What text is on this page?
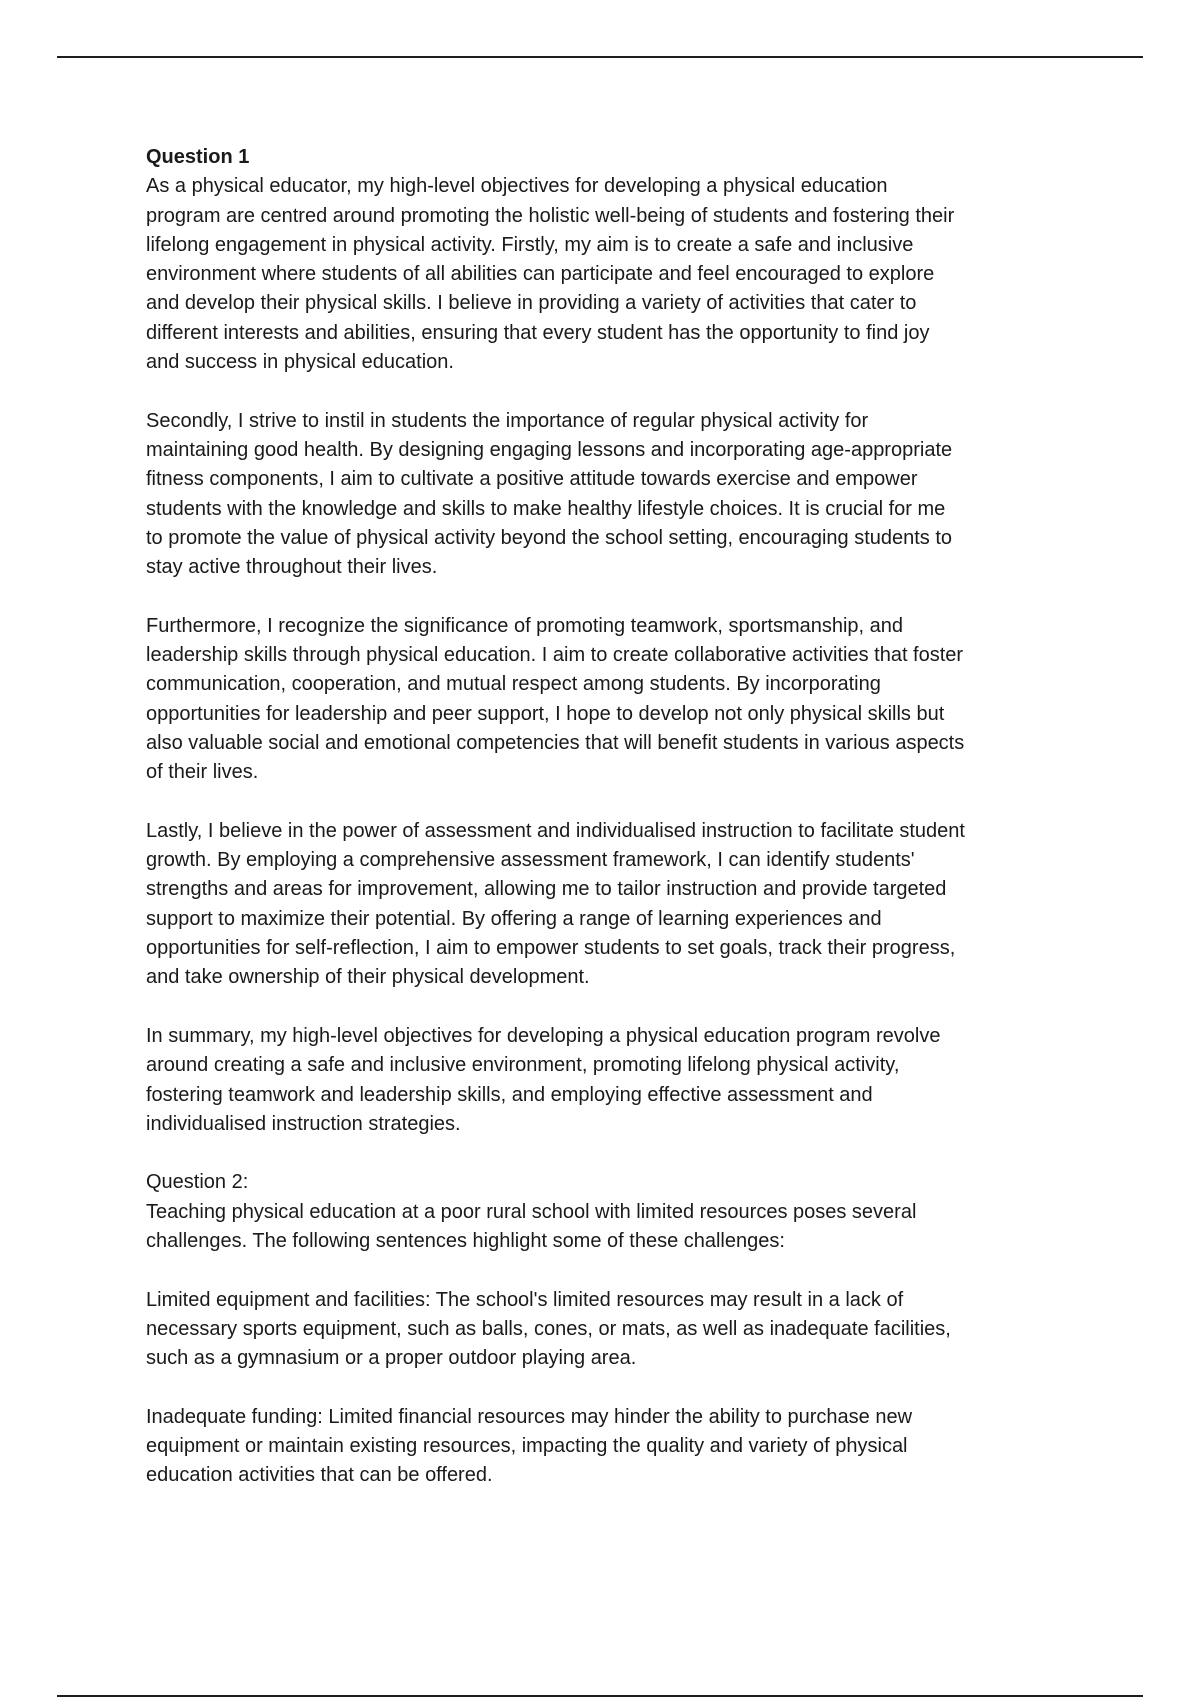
Question 1
As a physical educator, my high-level objectives for developing a physical education
program are centred around promoting the holistic well-being of students and fostering their
lifelong engagement in physical activity. Firstly, my aim is to create a safe and inclusive
environment where students of all abilities can participate and feel encouraged to explore
and develop their physical skills. I believe in providing a variety of activities that cater to
different interests and abilities, ensuring that every student has the opportunity to find joy
and success in physical education.
Secondly, I strive to instil in students the importance of regular physical activity for
maintaining good health. By designing engaging lessons and incorporating age-appropriate
fitness components, I aim to cultivate a positive attitude towards exercise and empower
students with the knowledge and skills to make healthy lifestyle choices. It is crucial for me
to promote the value of physical activity beyond the school setting, encouraging students to
stay active throughout their lives.
Furthermore, I recognize the significance of promoting teamwork, sportsmanship, and
leadership skills through physical education. I aim to create collaborative activities that foster
communication, cooperation, and mutual respect among students. By incorporating
opportunities for leadership and peer support, I hope to develop not only physical skills but
also valuable social and emotional competencies that will benefit students in various aspects
of their lives.
Lastly, I believe in the power of assessment and individualised instruction to facilitate student
growth. By employing a comprehensive assessment framework, I can identify students'
strengths and areas for improvement, allowing me to tailor instruction and provide targeted
support to maximize their potential. By offering a range of learning experiences and
opportunities for self-reflection, I aim to empower students to set goals, track their progress,
and take ownership of their physical development.
In summary, my high-level objectives for developing a physical education program revolve
around creating a safe and inclusive environment, promoting lifelong physical activity,
fostering teamwork and leadership skills, and employing effective assessment and
individualised instruction strategies.
Question 2:
Teaching physical education at a poor rural school with limited resources poses several
challenges. The following sentences highlight some of these challenges:
Limited equipment and facilities: The school's limited resources may result in a lack of
necessary sports equipment, such as balls, cones, or mats, as well as inadequate facilities,
such as a gymnasium or a proper outdoor playing area.
Inadequate funding: Limited financial resources may hinder the ability to purchase new
equipment or maintain existing resources, impacting the quality and variety of physical
education activities that can be offered.
